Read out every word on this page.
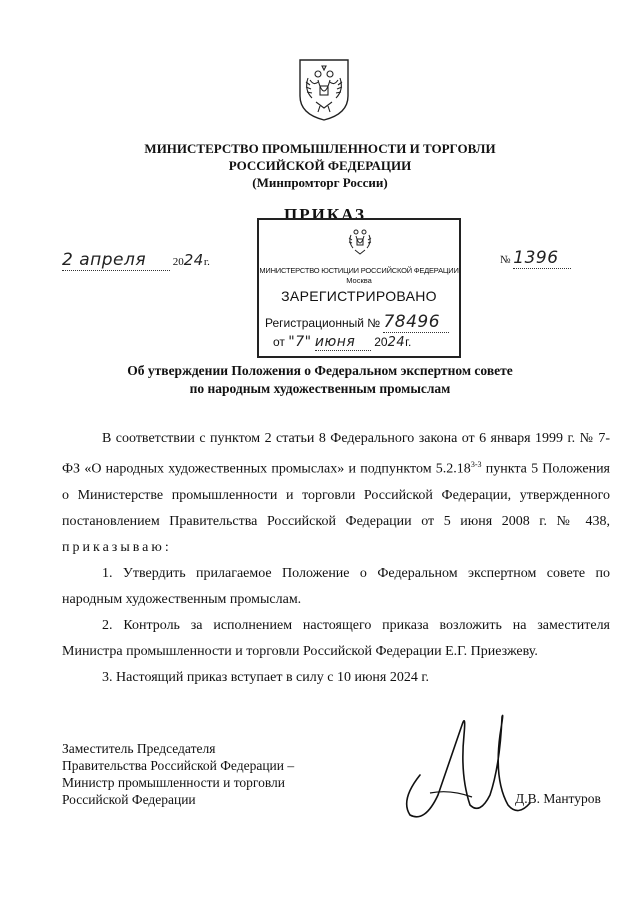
МИНИСТЕРСТВО ПРОМЫШЛЕННОСТИ И ТОРГОВЛИ
РОССИЙСКОЙ ФЕДЕРАЦИИ
(Минпромторг России)
ПРИКАЗ
2 апреля 2024г.	№ 1396
МИНИСТЕРСТВО ЮСТИЦИИ РОССИЙСКОЙ ФЕДЕРАЦИИ
Москва
ЗАРЕГИСТРИРОВАНО
Регистрационный № 78496
от "7" июня 2024г.
Об утверждении Положения о Федеральном экспертном совете
по народным художественным промыслам

В соответствии с пунктом 2 статьи 8 Федерального закона от 6 января 1999 г. № 7-ФЗ «О народных художественных промыслах» и подпунктом 5.2.18$^{3-3}$ пункта 5 Положения о Министерстве промышленности и торговли Российской Федерации, утвержденного постановлением Правительства Российской Федерации от 5 июня 2008 г. № 438, приказываю:

1. Утвердить прилагаемое Положение о Федеральном экспертном совете по народным художественным промыслам.

2. Контроль за исполнением настоящего приказа возложить на заместителя Министра промышленности и торговли Российской Федерации Е.Г. Приезжеву.

3. Настоящий приказ вступает в силу с 10 июня 2024 г.

Заместитель Председателя
Правительства Российской Федерации –
Министр промышленности и торговли
Российской Федерации	Д.В. Мантуров
